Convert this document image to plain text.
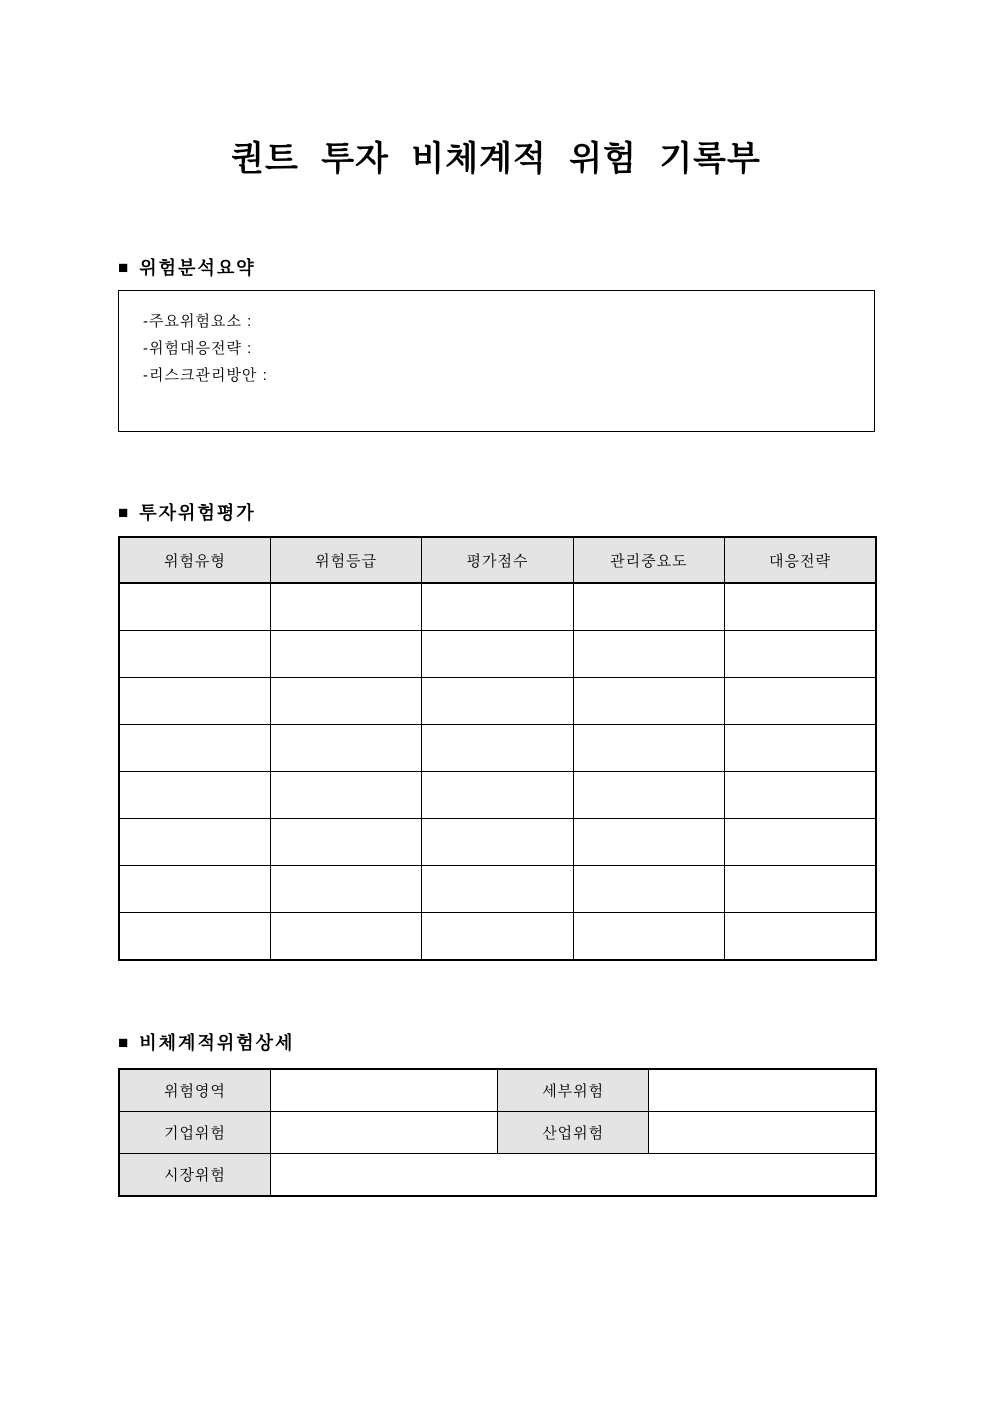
퀀트 투자 비체계적 위험 기록부
■ 위험분석요약
-주요위험요소 :
-위험대응전략 :
-리스크관리방안 :
■ 투자위험평가
위험유형	위험등급	평가점수	관리중요도	대응전략

■ 비체계적위험상세
위험영역		세부위험	
기업위험		산업위험	
시장위험			
